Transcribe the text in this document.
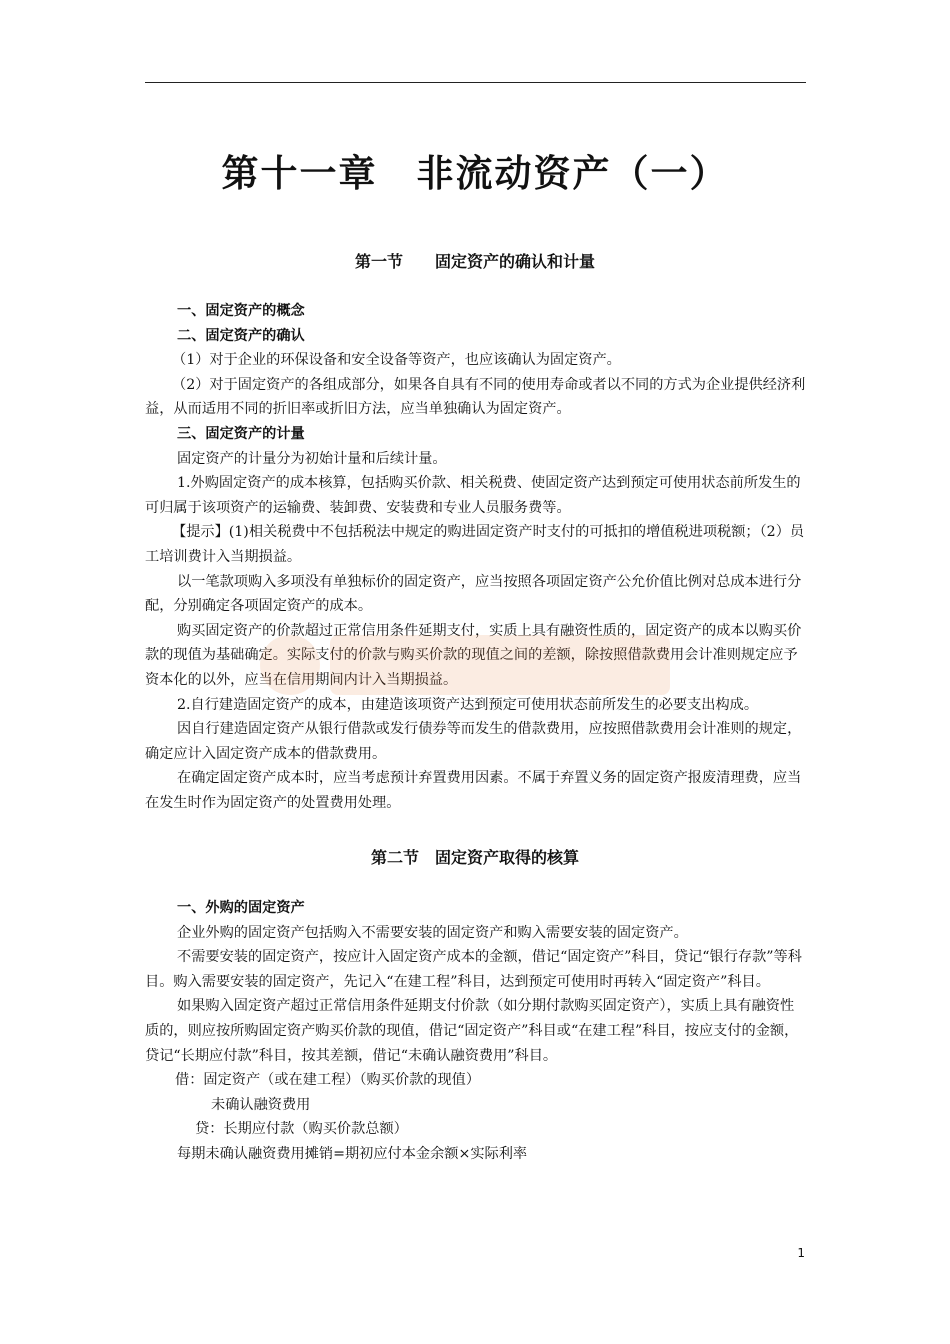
第十一章　非流动资产（一）
第一节　　固定资产的确认和计量

一、固定资产的概念

二、固定资产的确认

（1）对于企业的环保设备和安全设备等资产，也应该确认为固定资产。

（2）对于固定资产的各组成部分，如果各自具有不同的使用寿命或者以不同的方式为企业提供经济利益，从而适用不同的折旧率或折旧方法，应当单独确认为固定资产。

三、固定资产的计量

固定资产的计量分为初始计量和后续计量。

1.外购固定资产的成本核算，包括购买价款、相关税费、使固定资产达到预定可使用状态前所发生的可归属于该项资产的运输费、装卸费、安装费和专业人员服务费等。

【提示】(1)相关税费中不包括税法中规定的购进固定资产时支付的可抵扣的增值税进项税额；（2）员工培训费计入当期损益。

以一笔款项购入多项没有单独标价的固定资产，应当按照各项固定资产公允价值比例对总成本进行分配，分别确定各项固定资产的成本。

购买固定资产的价款超过正常信用条件延期支付，实质上具有融资性质的，固定资产的成本以购买价款的现值为基础确定。实际支付的价款与购买价款的现值之间的差额，除按照借款费用会计准则规定应予资本化的以外，应当在信用期间内计入当期损益。

2.自行建造固定资产的成本，由建造该项资产达到预定可使用状态前所发生的必要支出构成。

因自行建造固定资产从银行借款或发行债券等而发生的借款费用，应按照借款费用会计准则的规定，确定应计入固定资产成本的借款费用。

在确定固定资产成本时，应当考虑预计弃置费用因素。不属于弃置义务的固定资产报废清理费，应当在发生时作为固定资产的处置费用处理。

第二节　固定资产取得的核算

一、外购的固定资产

企业外购的固定资产包括购入不需要安装的固定资产和购入需要安装的固定资产。

不需要安装的固定资产，按应计入固定资产成本的金额，借记“固定资产”科目，贷记“银行存款”等科目。购入需要安装的固定资产，先记入“在建工程”科目，达到预定可使用时再转入“固定资产”科目。

如果购入固定资产超过正常信用条件延期支付价款（如分期付款购买固定资产），实质上具有融资性质的，则应按所购固定资产购买价款的现值，借记“固定资产”科目或“在建工程”科目，按应支付的金额，贷记“长期应付款”科目，按其差额，借记“未确认融资费用”科目。

借：固定资产（或在建工程）（购买价款的现值）

未确认融资费用

贷：长期应付款（购买价款总额）

每期未确认融资费用摊销=期初应付本金余额×实际利率

1
